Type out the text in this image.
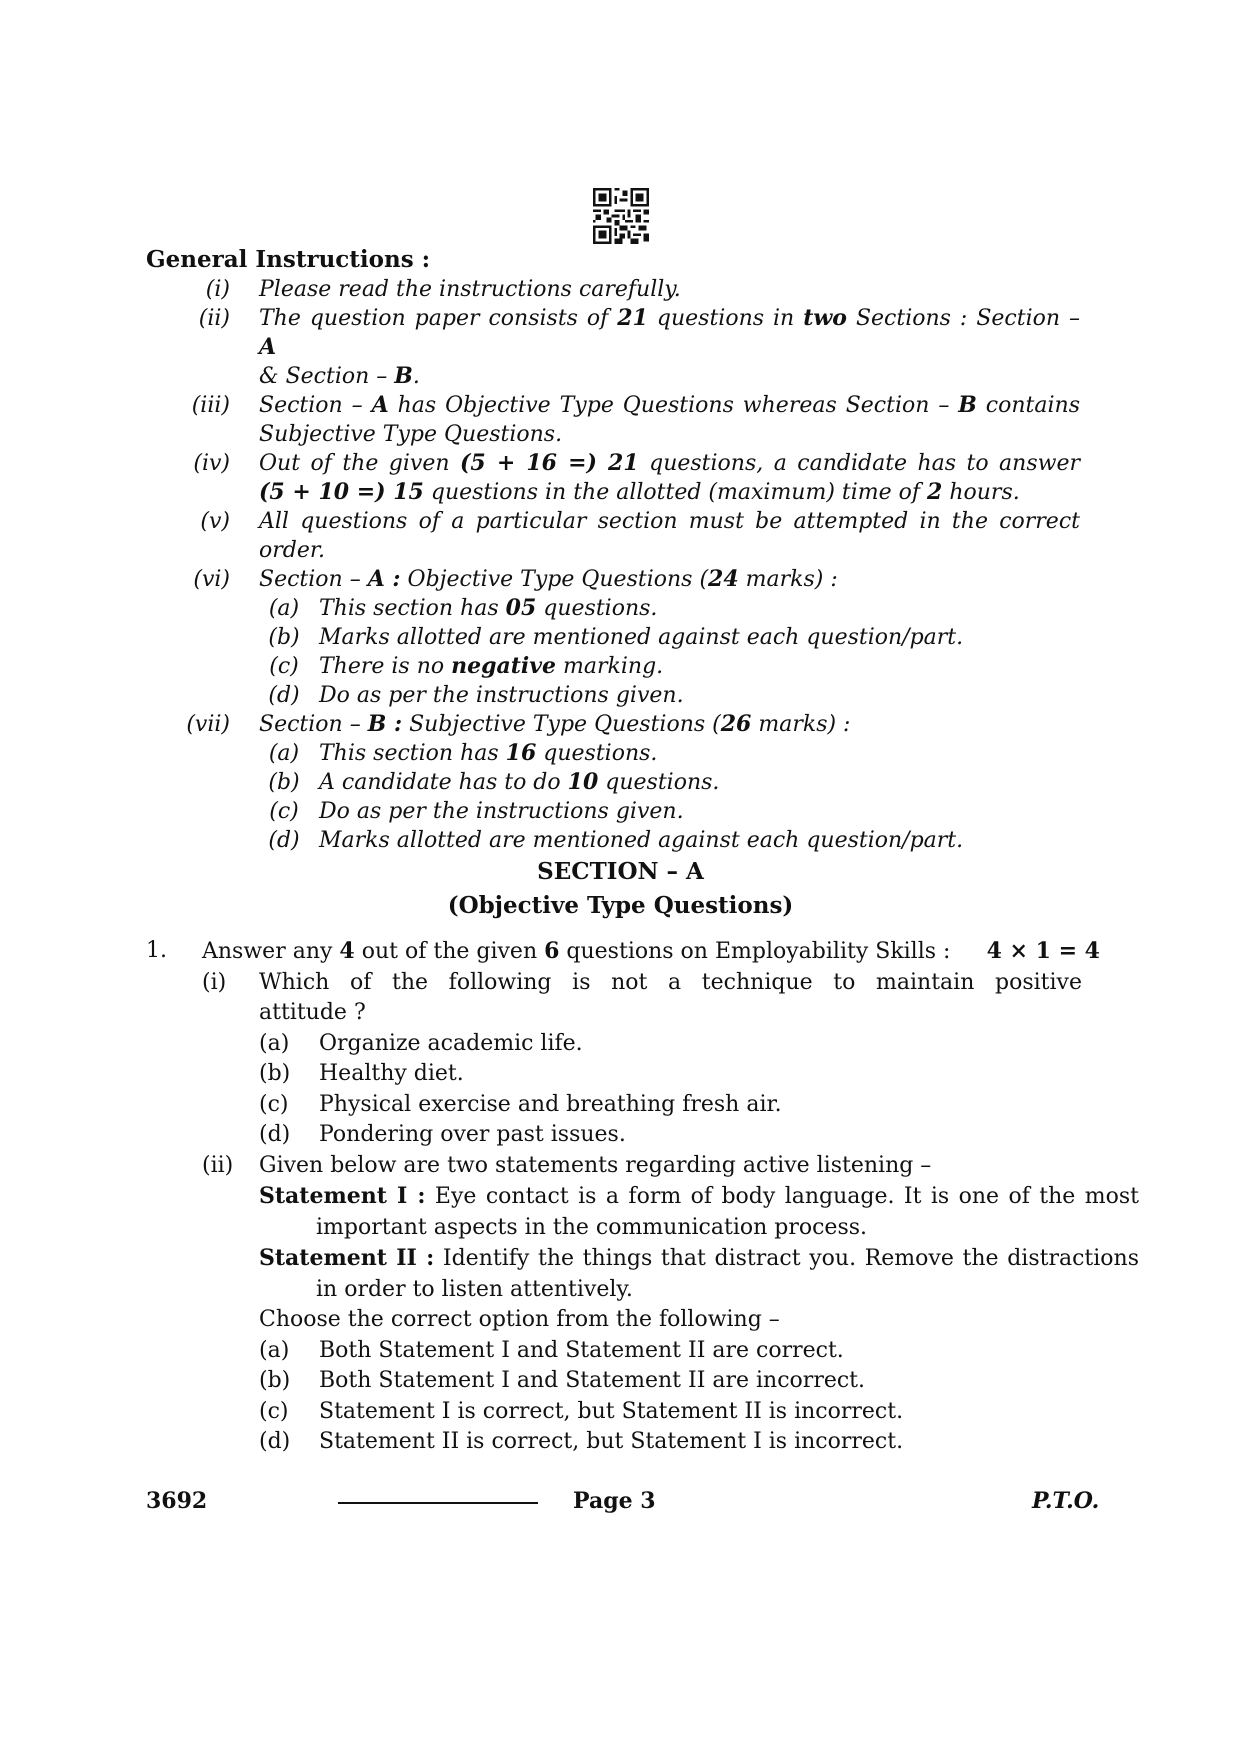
General Instructions :
(i) Please read the instructions carefully.
(ii) The question paper consists of 21 questions in two Sections : Section – A
& Section – B.
(iii) Section – A has Objective Type Questions whereas Section – B contains
Subjective Type Questions.
(iv) Out of the given (5 + 16 =) 21 questions, a candidate has to answer
(5 + 10 =) 15 questions in the allotted (maximum) time of 2 hours.
(v) All questions of a particular section must be attempted in the correct
order.
(vi) Section – A : Objective Type Questions (24 marks) :
(a) This section has 05 questions.
(b) Marks allotted are mentioned against each question/part.
(c) There is no negative marking.
(d) Do as per the instructions given.
(vii) Section – B : Subjective Type Questions (26 marks) :
(a) This section has 16 questions.
(b) A candidate has to do 10 questions.
(c) Do as per the instructions given.
(d) Marks allotted are mentioned against each question/part.
SECTION – A
(Objective Type Questions)
1. Answer any 4 out of the given 6 questions on Employability Skills :	4 × 1 = 4
(i)	Which of the following is not a technique to maintain positive
attitude ?
(a)	Organize academic life.
(b)	Healthy diet.
(c)	Physical exercise and breathing fresh air.
(d)	Pondering over past issues.
(ii)	Given below are two statements regarding active listening –
Statement I : Eye contact is a form of body language. It is one of the most important aspects in the communication process.
Statement II : Identify the things that distract you. Remove the distractions in order to listen attentively.
Choose the correct option from the following –
(a)	Both Statement I and Statement II are correct.
(b)	Both Statement I and Statement II are incorrect.
(c)	Statement I is correct, but Statement II is incorrect.
(d)	Statement II is correct, but Statement I is incorrect.
3692	Page 3	P.T.O.
